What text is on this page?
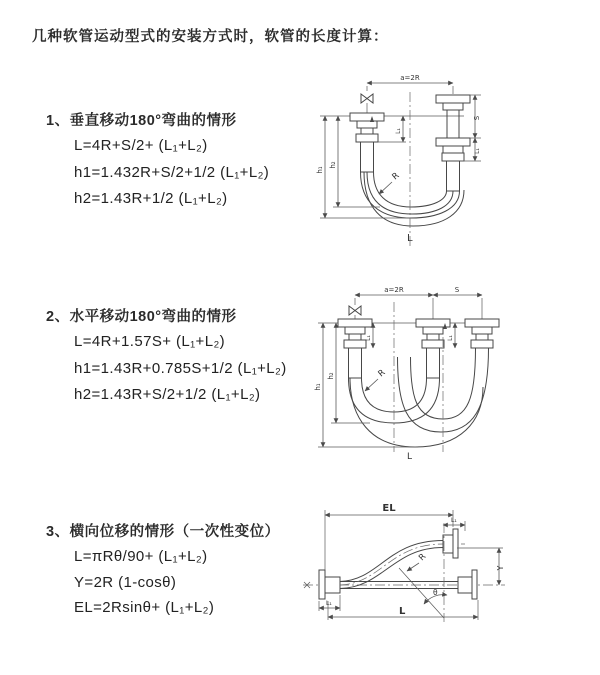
几种软管运动型式的安装方式时，软管的长度计算：
1、垂直移动180°弯曲的情形
L=4R+S/2+ (L₁+L₂)
h1=1.432R+S/2+1/2 (L₁+L₂)
h2=1.43R+1/2 (L₁+L₂)
a=2R
R
h₁
h₂
L₁
S
L₁
L
2、水平移动180°弯曲的情形
L=4R+1.57S+ (L₁+L₂)
h1=1.43R+0.785S+1/2 (L₁+L₂)
h2=1.43R+S/2+1/2 (L₁+L₂)
a=2R	S
L₁	L₁
h₁
h₂	R
L
3、横向位移的情形（一次性变位）
L=πRθ/90+ (L₁+L₂)
Y=2R (1-cosθ)
EL=2Rsinθ+ (L₁+L₂)
EL
L₁
Y
R
θ
L
L₁
